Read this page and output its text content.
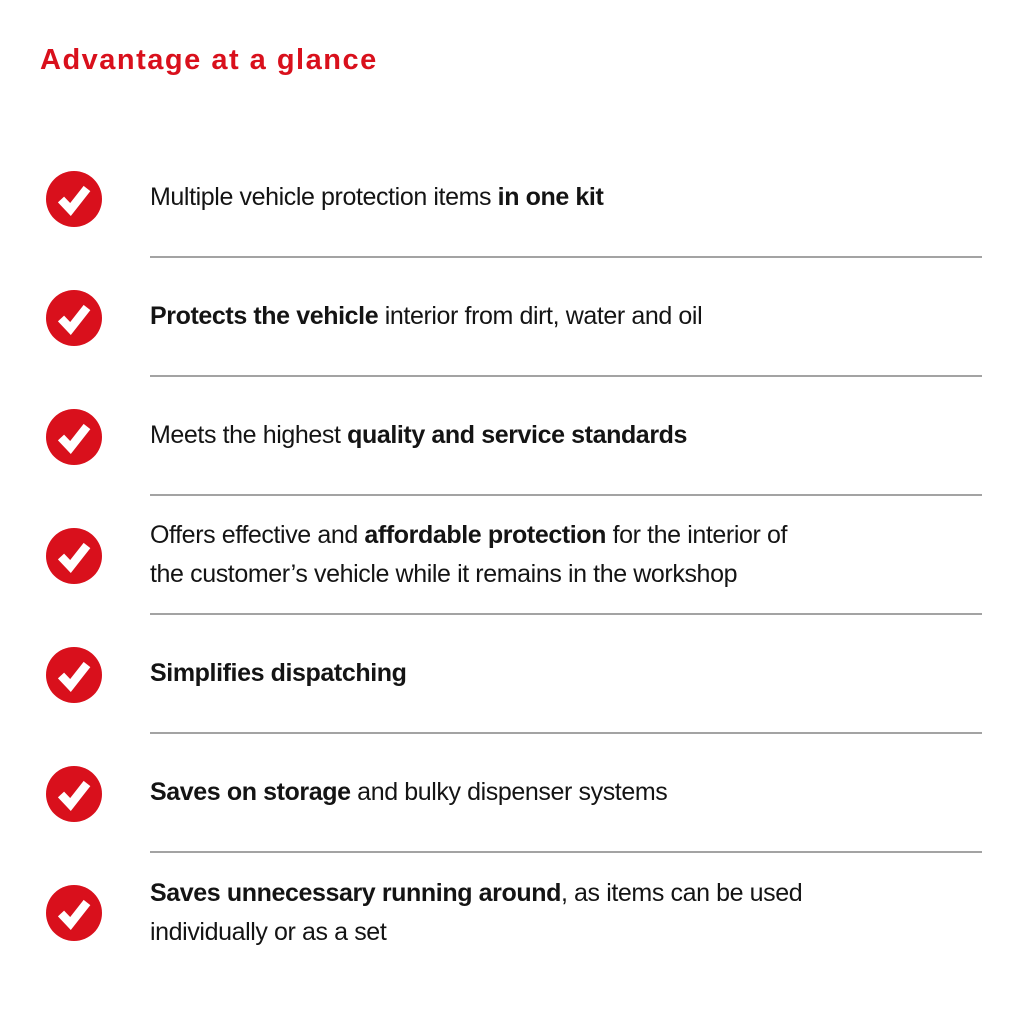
Advantage at a glance
Multiple vehicle protection items in one kit
Protects the vehicle interior from dirt, water and oil
Meets the highest quality and service standards
Offers effective and affordable protection for the interior of
the customer’s vehicle while it remains in the workshop
Simplifies dispatching
Saves on storage and bulky dispenser systems
Saves unnecessary running around, as items can be used
individually or as a set
